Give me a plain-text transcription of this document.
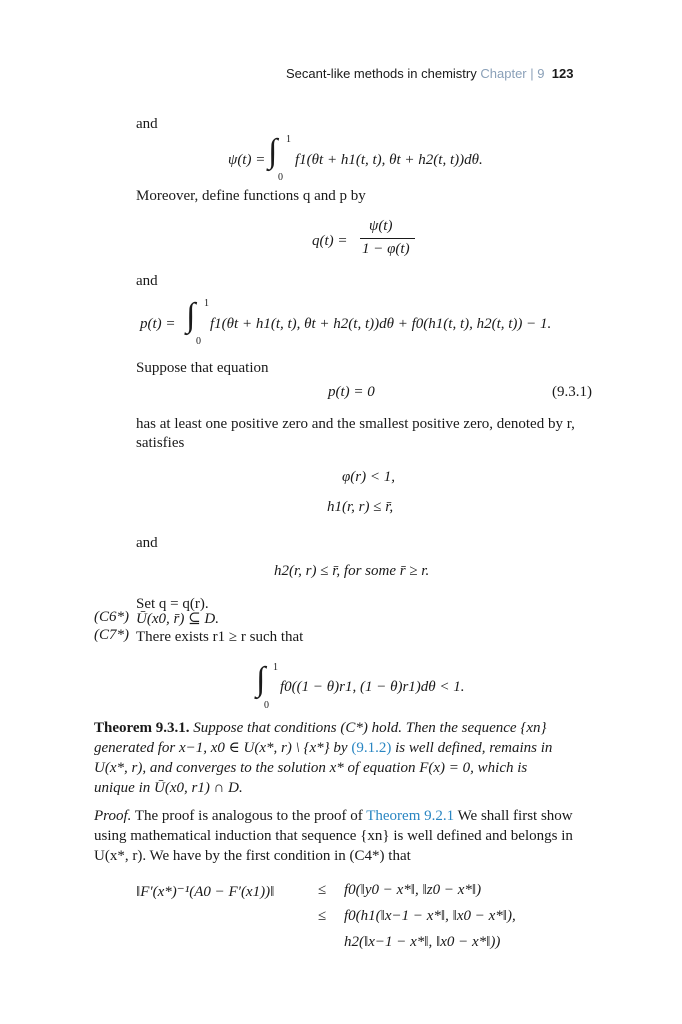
Secant-like methods in chemistry Chapter | 9 123
and
ψ(t) = ∫ 1
0
f1(θt + h1(t, t), θt + h2(t, t))dθ.
Moreover, define functions q and p by
q(t) =
ψ(t)
1 − φ(t)
and
p(t) = ∫ 1
0
f1(θt + h1(t, t), θt + h2(t, t))dθ + f0(h1(t, t), h2(t, t)) − 1.
Suppose that equation
p(t) = 0	(9.3.1)
has at least one positive zero and the smallest positive zero, denoted by r,
satisfies
φ(r) < 1,
h1(r, r) ≤ r̄,
and
h2(r, r) ≤ r̄, for some r̄ ≥ r.
Set q = q(r).
(C6*) Ū(x0, r̄) ⊆ D.
(C7*) There exists r1 ≥ r such that
∫ 1
0
f0((1 − θ)r1, (1 − θ)r1)dθ < 1.
Theorem 9.3.1. Suppose that conditions (C*) hold. Then the sequence {xn}
generated for x−1, x0 ∈ U(x*, r) \ {x*} by (9.1.2) is well defined, remains in
U(x*, r), and converges to the solution x* of equation F(x) = 0, which is
unique in Ū(x0, r1) ∩ D.
Proof. The proof is analogous to the proof of Theorem 9.2.1 We shall first show
using mathematical induction that sequence {xn} is well defined and belongs in
U(x*, r). We have by the first condition in (C4*) that
‖F′(x*)⁻¹(A0 − F′(x1))‖	≤ f0(‖y0 − x*‖, ‖z0 − x*‖)
≤ f0(h1(‖x−1 − x*‖, ‖x0 − x*‖),
h2(‖x−1 − x*‖, ‖x0 − x*‖))
